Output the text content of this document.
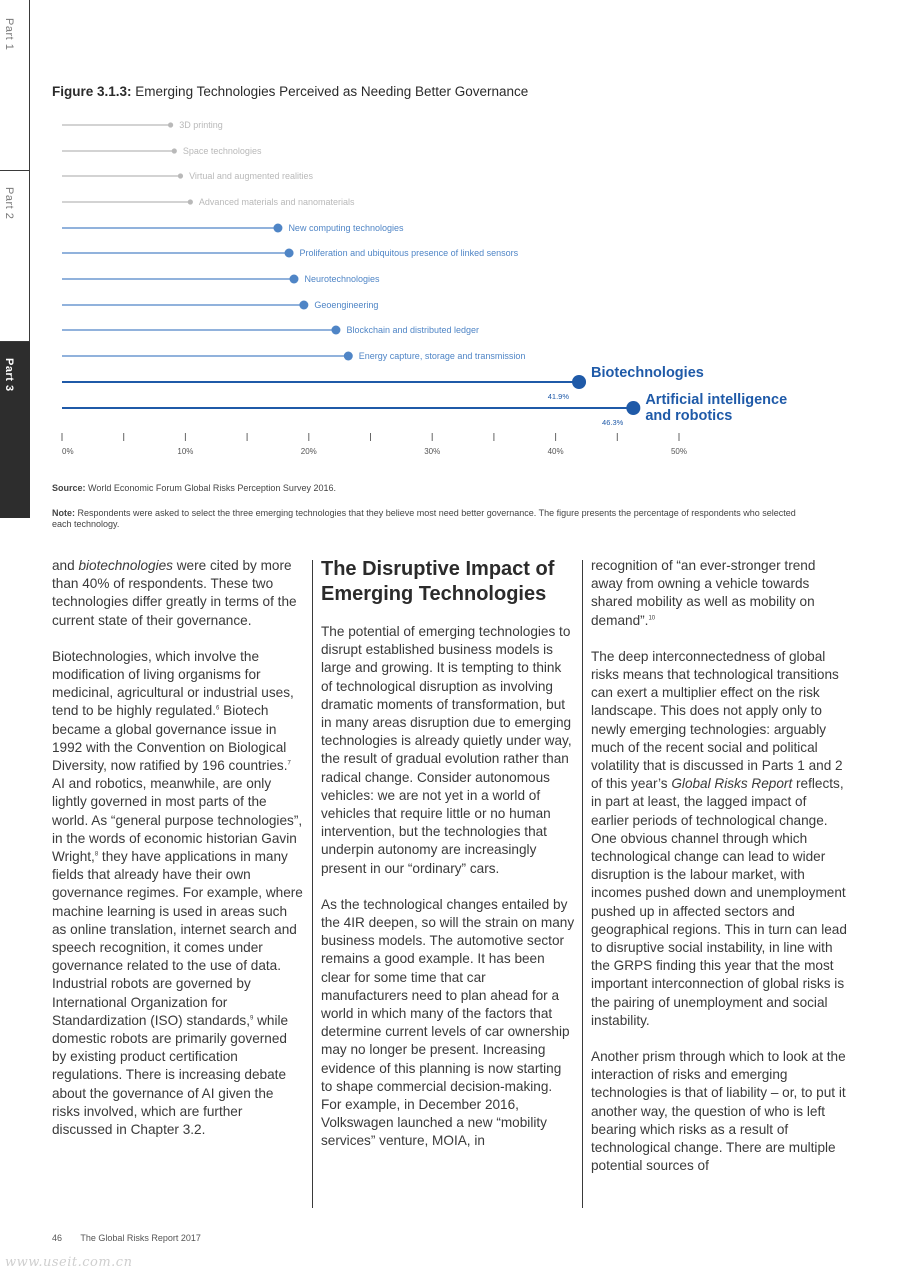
Part 1
Part 2
Part 3
Figure 3.1.3: Emerging Technologies Perceived as Needing Better Governance
3D printing
Space technologies
Virtual and augmented realities
Advanced materials and nanomaterials
New computing technologies
Proliferation and ubiquitous presence of linked sensors
Neurotechnologies
Geoengineering
Blockchain and distributed ledger
Energy capture, storage and transmission
Biotechnologies
41.9%	Artificial intelligence
and robotics
46.3%
0%	10%	20%	30%	40%	50%
Source: World Economic Forum Global Risks Perception Survey 2016.
Note: Respondents were asked to select the three emerging technologies that they believe most need better governance. The figure presents the percentage of respondents who selected each technology.

and biotechnologies were cited by more than 40% of respondents. These two technologies differ greatly in terms of the current state of their governance.

Biotechnologies, which involve the modification of living organisms for medicinal, agricultural or industrial uses, tend to be highly regulated.$^6$ Biotech became a global governance issue in 1992 with the Convention on Biological Diversity, now ratified by 196 countries.$^7$ AI and robotics, meanwhile, are only lightly governed in most parts of the world. As “general purpose technologies”, in the words of economic historian Gavin Wright,$^8$ they have applications in many fields that already have their own governance regimes. For example, where machine learning is used in areas such as online translation, internet search and speech recognition, it comes under governance related to the use of data. Industrial robots are governed by International Organization for Standardization (ISO) standards,$^9$ while domestic robots are primarily governed by existing product certification regulations. There is increasing debate about the governance of AI given the risks involved, which are further discussed in Chapter 3.2.

The Disruptive Impact of Emerging Technologies

The potential of emerging technologies to disrupt established business models is large and growing. It is tempting to think of technological disruption as involving dramatic moments of transformation, but in many areas disruption due to emerging technologies is already quietly under way, the result of gradual evolution rather than radical change. Consider autonomous vehicles: we are not yet in a world of vehicles that require little or no human intervention, but the technologies that underpin autonomy are increasingly present in our “ordinary” cars.

As the technological changes entailed by the 4IR deepen, so will the strain on many business models. The automotive sector remains a good example. It has been clear for some time that car manufacturers need to plan ahead for a world in which many of the factors that determine current levels of car ownership may no longer be present. Increasing evidence of this planning is now starting to shape commercial decision-making. For example, in December 2016, Volkswagen launched a new “mobility services” venture, MOIA, in

recognition of “an ever-stronger trend away from owning a vehicle towards shared mobility as well as mobility on demand”.$^{10}$

The deep interconnectedness of global risks means that technological transitions can exert a multiplier effect on the risk landscape. This does not apply only to newly emerging technologies: arguably much of the recent social and political volatility that is discussed in Parts 1 and 2 of this year’s Global Risks Report reflects, in part at least, the lagged impact of earlier periods of technological change. One obvious channel through which technological change can lead to wider disruption is the labour market, with incomes pushed down and unemployment pushed up in affected sectors and geographical regions. This in turn can lead to disruptive social instability, in line with the GRPS finding this year that the most important interconnection of global risks is the pairing of unemployment and social instability.

Another prism through which to look at the interaction of risks and emerging technologies is that of liability – or, to put it another way, the question of who is left bearing which risks as a result of technological change. There are multiple potential sources of

46 The Global Risks Report 2017
www.useit.com.cn
